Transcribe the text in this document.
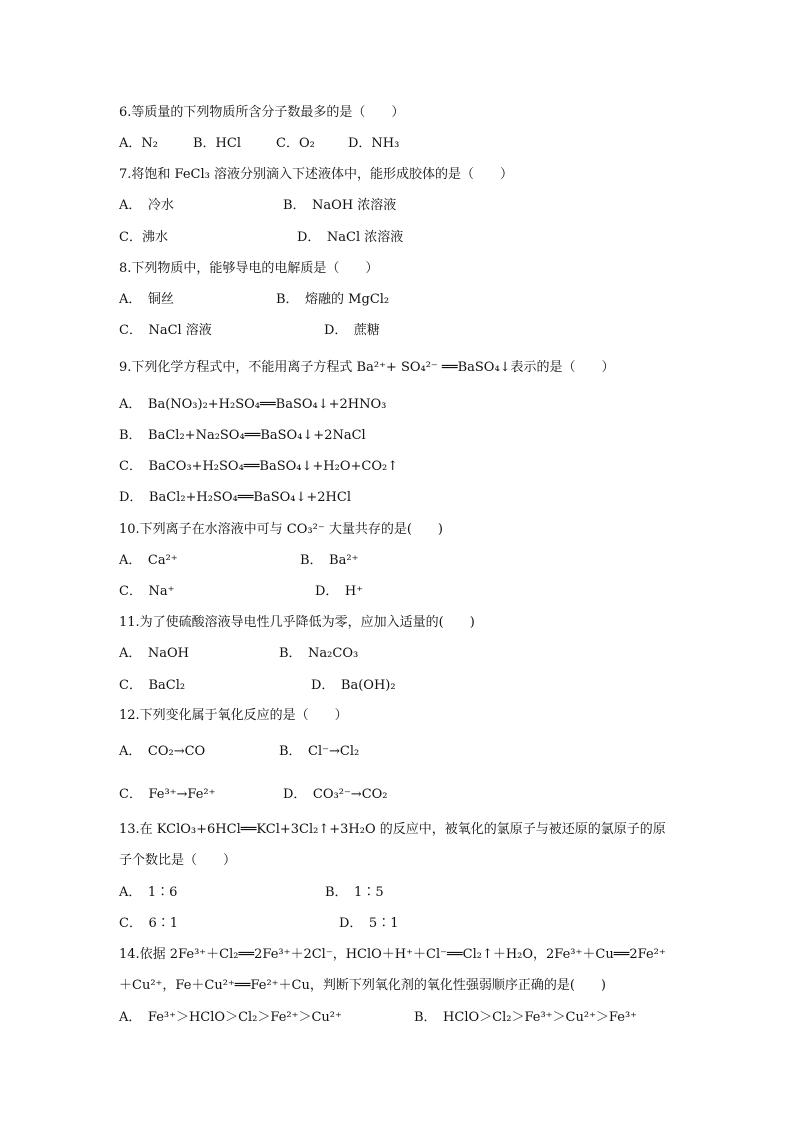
6.等质量的下列物质所含分子数最多的是（　　）
A．N₂	B．HCl	C．O₂	D．NH₃
7.将饱和 FeCl₃ 溶液分别滴入下述液体中，能形成胶体的是（　　）
A．　冷水	B．　NaOH 浓溶液
C．沸水	D．　NaCl 浓溶液
8.下列物质中，能够导电的电解质是（　　）
A．　铜丝	B．　熔融的 MgCl₂
C．　NaCl 溶液	D．　蔗糖
9.下列化学方程式中，不能用离子方程式 Ba²⁺+ SO₄²⁻ ══BaSO₄↓表示的是（　　）
A．　Ba(NO₃)₂+H₂SO₄══BaSO₄↓+2HNO₃
B．　BaCl₂+Na₂SO₄══BaSO₄↓+2NaCl
C．　BaCO₃+H₂SO₄══BaSO₄↓+H₂O+CO₂↑
D．　BaCl₂+H₂SO₄══BaSO₄↓+2HCl
10.下列离子在水溶液中可与 CO₃²⁻ 大量共存的是(　　)
A．　Ca²⁺	B．　Ba²⁺
C．　Na⁺	D．　H⁺
11.为了使硫酸溶液导电性几乎降低为零，应加入适量的(　　)
A．　NaOH	B．　Na₂CO₃
C．　BaCl₂	D．　Ba(OH)₂
12.下列变化属于氧化反应的是（　　）
A．　CO₂→CO	B．　Cl⁻→Cl₂
C．　Fe³⁺→Fe²⁺	D．　CO₃²⁻→CO₂
13.在 KClO₃+6HCl══KCl+3Cl₂↑+3H₂O 的反应中，被氧化的氯原子与被还原的氯原子的原
子个数比是（　　）
A．　1∶6	B．　1∶5
C．　6∶1	D．　5∶1
14.依据 2Fe³⁺＋Cl₂══2Fe³⁺＋2Cl⁻，HClO＋H⁺＋Cl⁻══Cl₂↑＋H₂O，2Fe³⁺＋Cu══2Fe²⁺
＋Cu²⁺，Fe＋Cu²⁺══Fe²⁺＋Cu，判断下列氧化剂的氧化性强弱顺序正确的是(　　)
A．　Fe³⁺＞HClO＞Cl₂＞Fe²⁺＞Cu²⁺	B．　HClO＞Cl₂＞Fe³⁺＞Cu²⁺＞Fe³⁺
